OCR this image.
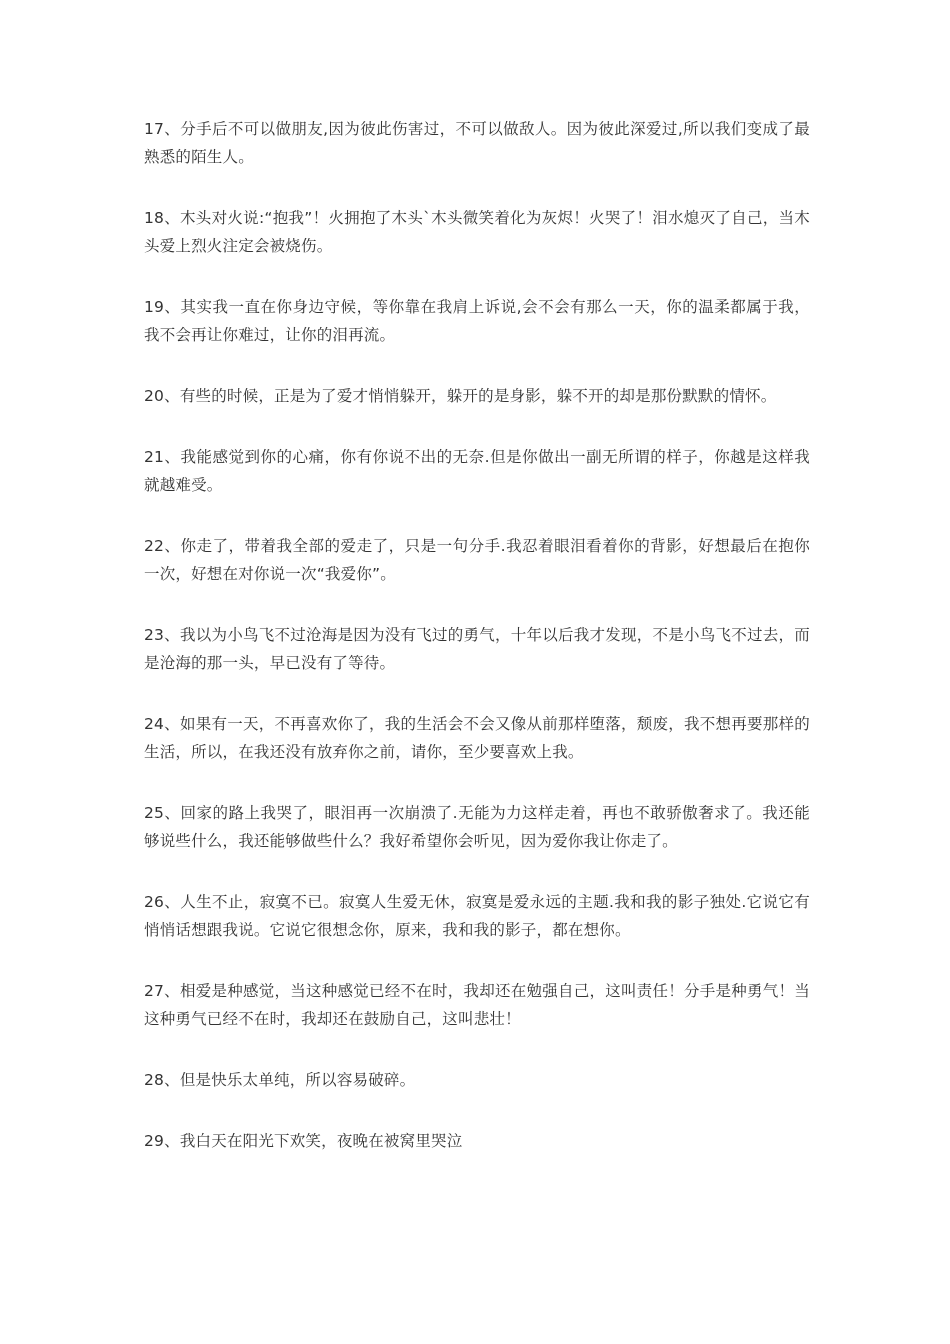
17、分手后不可以做朋友,因为彼此伤害过，不可以做敌人。因为彼此深爱过,所以我们变成了最熟悉的陌生人。

18、木头对火说:“抱我”！火拥抱了木头`木头微笑着化为灰烬！火哭了！泪水熄灭了自己，当木头爱上烈火注定会被烧伤。

19、其实我一直在你身边守候，等你靠在我肩上诉说,会不会有那么一天，你的温柔都属于我，我不会再让你难过，让你的泪再流。

20、有些的时候，正是为了爱才悄悄躲开，躲开的是身影，躲不开的却是那份默默的情怀。

21、我能感觉到你的心痛，你有你说不出的无奈.但是你做出一副无所谓的样子，你越是这样我就越难受。

22、你走了，带着我全部的爱走了，只是一句分手.我忍着眼泪看着你的背影，好想最后在抱你一次，好想在对你说一次“我爱你”。

23、我以为小鸟飞不过沧海是因为没有飞过的勇气，十年以后我才发现，不是小鸟飞不过去，而是沧海的那一头，早已没有了等待。

24、如果有一天，不再喜欢你了，我的生活会不会又像从前那样堕落，颓废，我不想再要那样的生活，所以，在我还没有放弃你之前，请你，至少要喜欢上我。

25、回家的路上我哭了，眼泪再一次崩溃了.无能为力这样走着，再也不敢骄傲奢求了。我还能够说些什么，我还能够做些什么？我好希望你会听见，因为爱你我让你走了。

26、人生不止，寂寞不已。寂寞人生爱无休，寂寞是爱永远的主题.我和我的影子独处.它说它有悄悄话想跟我说。它说它很想念你，原来，我和我的影子，都在想你。

27、相爱是种感觉，当这种感觉已经不在时，我却还在勉强自己，这叫责任！分手是种勇气！当这种勇气已经不在时，我却还在鼓励自己，这叫悲壮！

28、但是快乐太单纯，所以容易破碎。

29、我白天在阳光下欢笑，夜晚在被窝里哭泣
